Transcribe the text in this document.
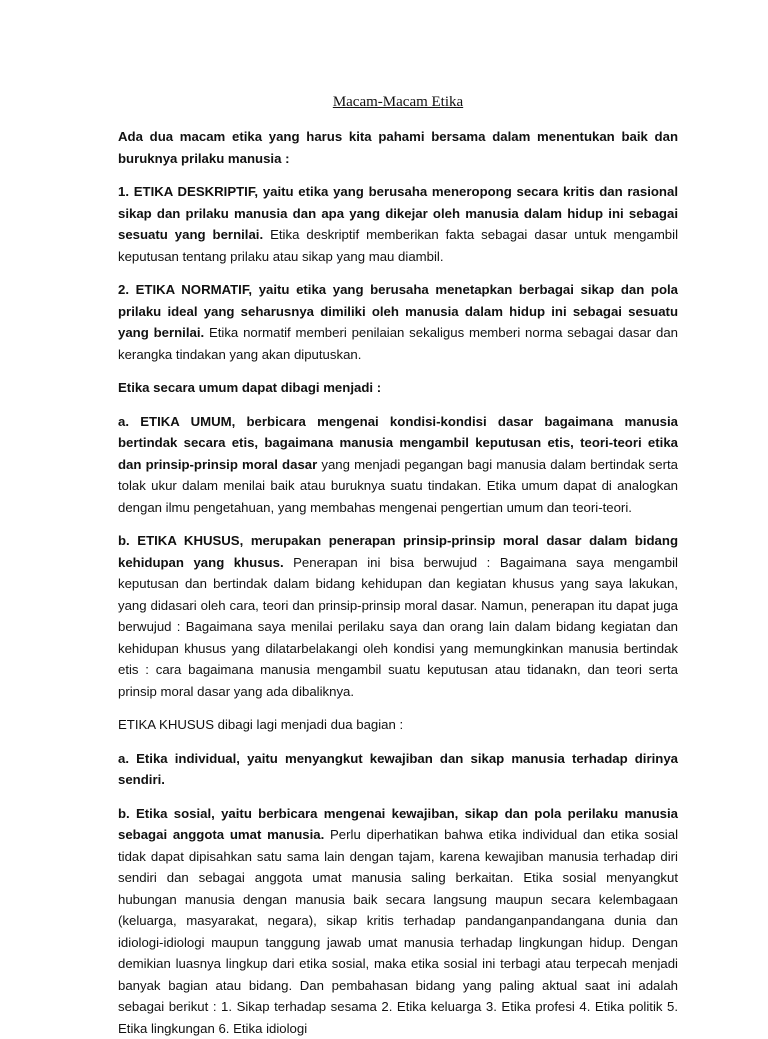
Macam-Macam Etika

Ada dua macam etika yang harus kita pahami bersama dalam menentukan baik dan buruknya prilaku manusia :

1. ETIKA DESKRIPTIF, yaitu etika yang berusaha meneropong secara kritis dan rasional sikap dan prilaku manusia dan apa yang dikejar oleh manusia dalam hidup ini sebagai sesuatu yang bernilai. Etika deskriptif memberikan fakta sebagai dasar untuk mengambil keputusan tentang prilaku atau sikap yang mau diambil.

2. ETIKA NORMATIF, yaitu etika yang berusaha menetapkan berbagai sikap dan pola prilaku ideal yang seharusnya dimiliki oleh manusia dalam hidup ini sebagai sesuatu yang bernilai. Etika normatif memberi penilaian sekaligus memberi norma sebagai dasar dan kerangka tindakan yang akan diputuskan.

Etika secara umum dapat dibagi menjadi :

a. ETIKA UMUM, berbicara mengenai kondisi-kondisi dasar bagaimana manusia bertindak secara etis, bagaimana manusia mengambil keputusan etis, teori-teori etika dan prinsip-prinsip moral dasar yang menjadi pegangan bagi manusia dalam bertindak serta tolak ukur dalam menilai baik atau buruknya suatu tindakan. Etika umum dapat di analogkan dengan ilmu pengetahuan, yang membahas mengenai pengertian umum dan teori-teori.

b. ETIKA KHUSUS, merupakan penerapan prinsip-prinsip moral dasar dalam bidang kehidupan yang khusus. Penerapan ini bisa berwujud : Bagaimana saya mengambil keputusan dan bertindak dalam bidang kehidupan dan kegiatan khusus yang saya lakukan, yang didasari oleh cara, teori dan prinsip-prinsip moral dasar. Namun, penerapan itu dapat juga berwujud : Bagaimana saya menilai perilaku saya dan orang lain dalam bidang kegiatan dan kehidupan khusus yang dilatarbelakangi oleh kondisi yang memungkinkan manusia bertindak etis : cara bagaimana manusia mengambil suatu keputusan atau tidanakn, dan teori serta prinsip moral dasar yang ada dibaliknya.

ETIKA KHUSUS dibagi lagi menjadi dua bagian :

a. Etika individual, yaitu menyangkut kewajiban dan sikap manusia terhadap dirinya sendiri.

b. Etika sosial, yaitu berbicara mengenai kewajiban, sikap dan pola perilaku manusia sebagai anggota umat manusia. Perlu diperhatikan bahwa etika individual dan etika sosial tidak dapat dipisahkan satu sama lain dengan tajam, karena kewajiban manusia terhadap diri sendiri dan sebagai anggota umat manusia saling berkaitan. Etika sosial menyangkut hubungan manusia dengan manusia baik secara langsung maupun secara kelembagaan (keluarga, masyarakat, negara), sikap kritis terhadap pandanganpandangana dunia dan idiologi-idiologi maupun tanggung jawab umat manusia terhadap lingkungan hidup. Dengan demikian luasnya lingkup dari etika sosial, maka etika sosial ini terbagi atau terpecah menjadi banyak bagian atau bidang. Dan pembahasan bidang yang paling aktual saat ini adalah sebagai berikut : 1. Sikap terhadap sesama 2. Etika keluarga 3. Etika profesi 4. Etika politik 5. Etika lingkungan 6. Etika idiologi
